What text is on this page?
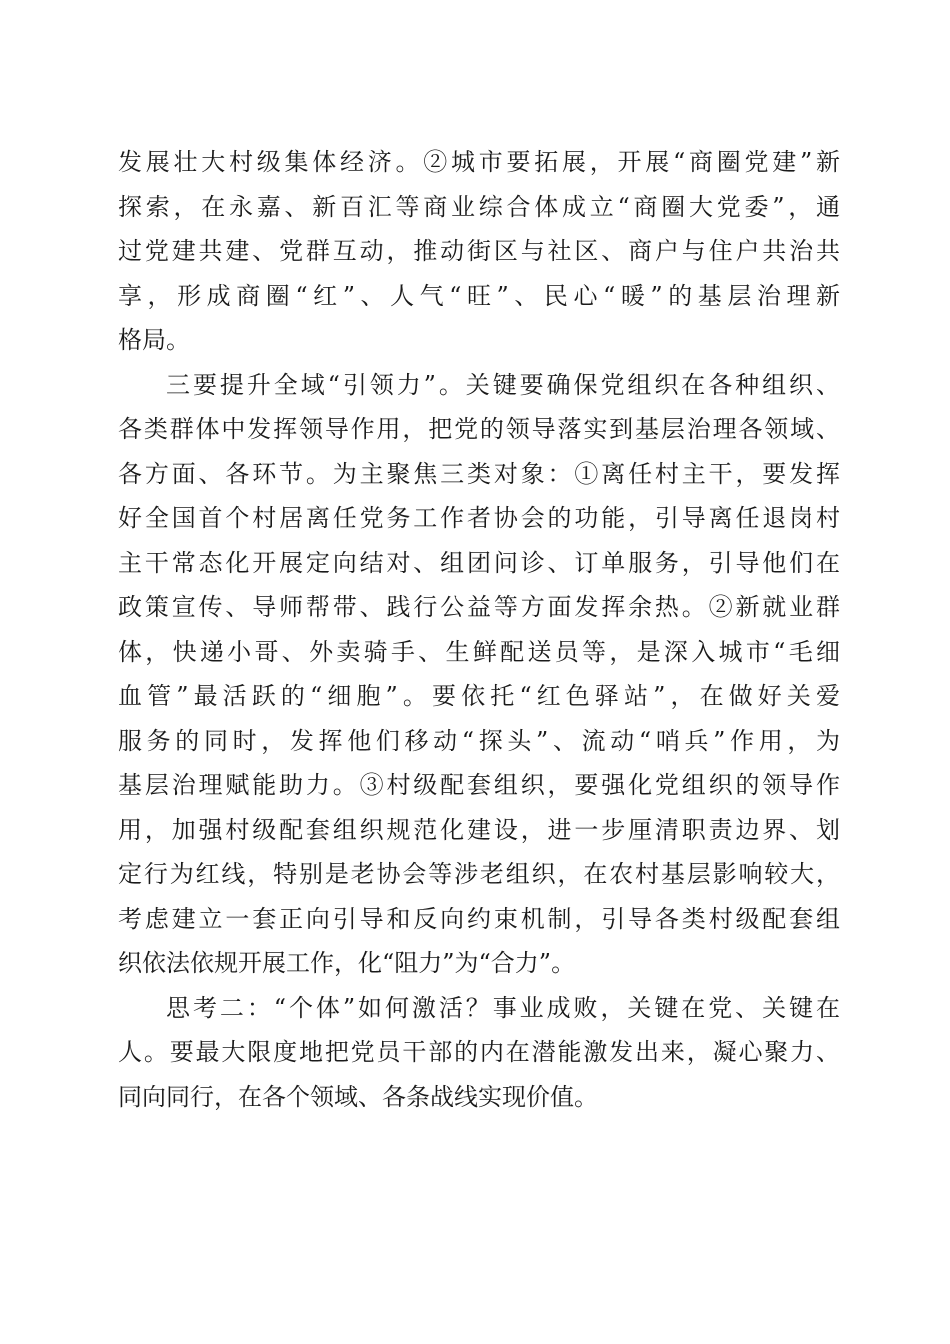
发展壮大村级集体经济。②城市要拓展，开展“商圈党建”新
探索，在永嘉、新百汇等商业综合体成立“商圈大党委”，通
过党建共建、党群互动，推动街区与社区、商户与住户共治共
享，形成商圈“红”、人气“旺”、民心“暖”的基层治理新
格局。
三要提升全域“引领力”。关键要确保党组织在各种组织、
各类群体中发挥领导作用，把党的领导落实到基层治理各领域、
各方面、各环节。为主聚焦三类对象：①离任村主干，要发挥
好全国首个村居离任党务工作者协会的功能，引导离任退岗村
主干常态化开展定向结对、组团问诊、订单服务，引导他们在
政策宣传、导师帮带、践行公益等方面发挥余热。②新就业群
体，快递小哥、外卖骑手、生鲜配送员等，是深入城市“毛细
血管”最活跃的“细胞”。要依托“红色驿站”，在做好关爱
服务的同时，发挥他们移动“探头”、流动“哨兵”作用，为
基层治理赋能助力。③村级配套组织，要强化党组织的领导作
用，加强村级配套组织规范化建设，进一步厘清职责边界、划
定行为红线，特别是老协会等涉老组织，在农村基层影响较大，
考虑建立一套正向引导和反向约束机制，引导各类村级配套组
织依法依规开展工作，化“阻力”为“合力”。
思考二：“个体”如何激活？事业成败，关键在党、关键在
人。要最大限度地把党员干部的内在潜能激发出来，凝心聚力、
同向同行，在各个领域、各条战线实现价值。
